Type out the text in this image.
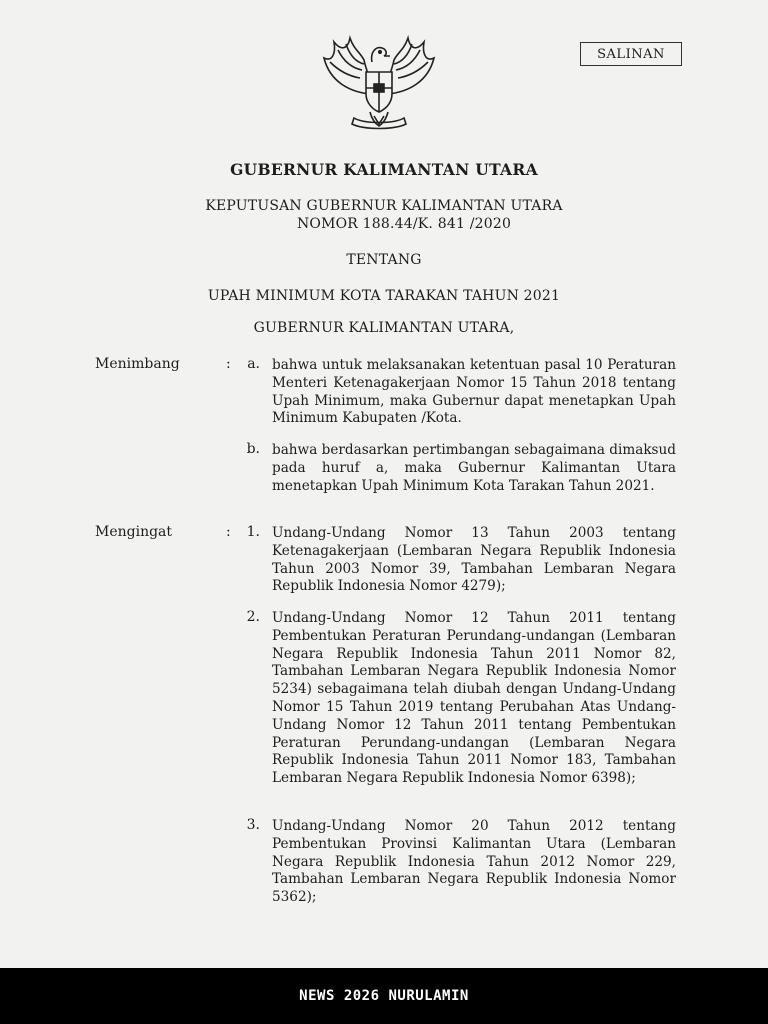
SALINAN
GUBERNUR KALIMANTAN UTARA
KEPUTUSAN GUBERNUR KALIMANTAN UTARA
NOMOR 188.44/K. 841 /2020
TENTANG
UPAH MINIMUM KOTA TARAKAN TAHUN 2021
GUBERNUR KALIMANTAN UTARA,
Menimbang	:	a. bahwa untuk melaksanakan ketentuan pasal 10 Peraturan Menteri Ketenagakerjaan Nomor 15 Tahun 2018 tentang Upah Minimum, maka Gubernur dapat menetapkan Upah Minimum Kabupaten /Kota.
b. bahwa berdasarkan pertimbangan sebagaimana dimaksud pada huruf a, maka Gubernur Kalimantan Utara menetapkan Upah Minimum Kota Tarakan Tahun 2021.
Mengingat	:	1. Undang-Undang Nomor 13 Tahun 2003 tentang Ketenagakerjaan (Lembaran Negara Republik Indonesia Tahun 2003 Nomor 39, Tambahan Lembaran Negara Republik Indonesia Nomor 4279);
2. Undang-Undang Nomor 12 Tahun 2011 tentang Pembentukan Peraturan Perundang-undangan (Lembaran Negara Republik Indonesia Tahun 2011 Nomor 82, Tambahan Lembaran Negara Republik Indonesia Nomor 5234) sebagaimana telah diubah dengan Undang-Undang Nomor 15 Tahun 2019 tentang Perubahan Atas Undang-Undang Nomor 12 Tahun 2011 tentang Pembentukan Peraturan Perundang-undangan (Lembaran Negara Republik Indonesia Tahun 2011 Nomor 183, Tambahan Lembaran Negara Republik Indonesia Nomor 6398);
3. Undang-Undang Nomor 20 Tahun 2012 tentang Pembentukan Provinsi Kalimantan Utara (Lembaran Negara Republik Indonesia Tahun 2012 Nomor 229, Tambahan Lembaran Negara Republik Indonesia Nomor 5362);
NEWS 2026 NURULAMIN
